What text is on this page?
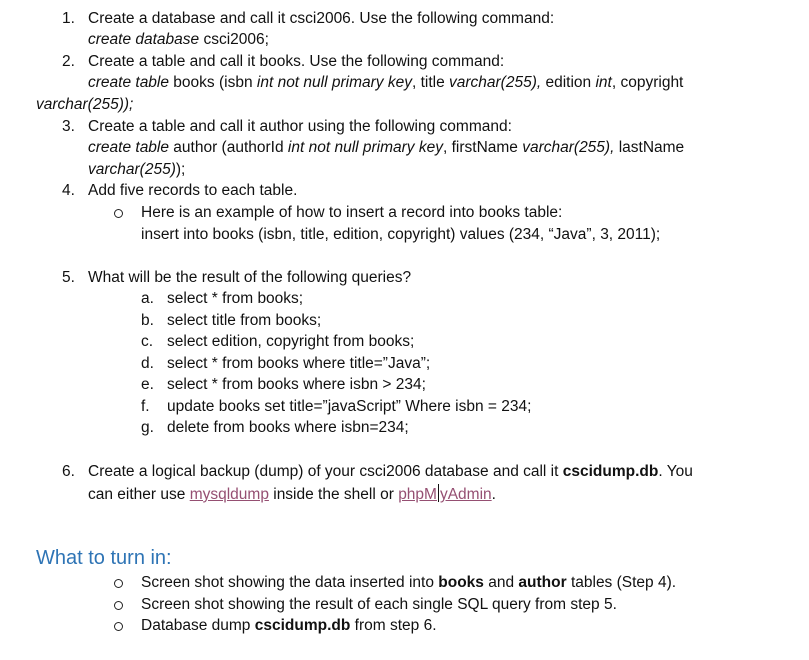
1. Create a database and call it csci2006. Use the following command:
create database csci2006;
2. Create a table and call it books. Use the following command:
create table books (isbn int not null primary key, title varchar(255), edition int, copyright
varchar(255));
3. Create a table and call it author using the following command:
create table author (authorId int not null primary key, firstName varchar(255), lastName
varchar(255));
4. Add five records to each table.
Here is an example of how to insert a record into books table:
insert into books (isbn, title, edition, copyright) values (234, “Java”, 3, 2011);
5. What will be the result of the following queries?
a. select * from books;
b. select title from books;
c. select edition, copyright from books;
d. select * from books where title=”Java”;
e. select * from books where isbn > 234;
f. update books set title=”javaScript” Where isbn = 234;
g. delete from books where isbn=234;
6. Create a logical backup (dump) of your csci2006 database and call it cscidump.db. You
can either use mysqldump inside the shell or phpM yAdmin.
What to turn in:
Screen shot showing the data inserted into books and author tables (Step 4).
Screen shot showing the result of each single SQL query from step 5.
Database dump cscidump.db from step 6.
